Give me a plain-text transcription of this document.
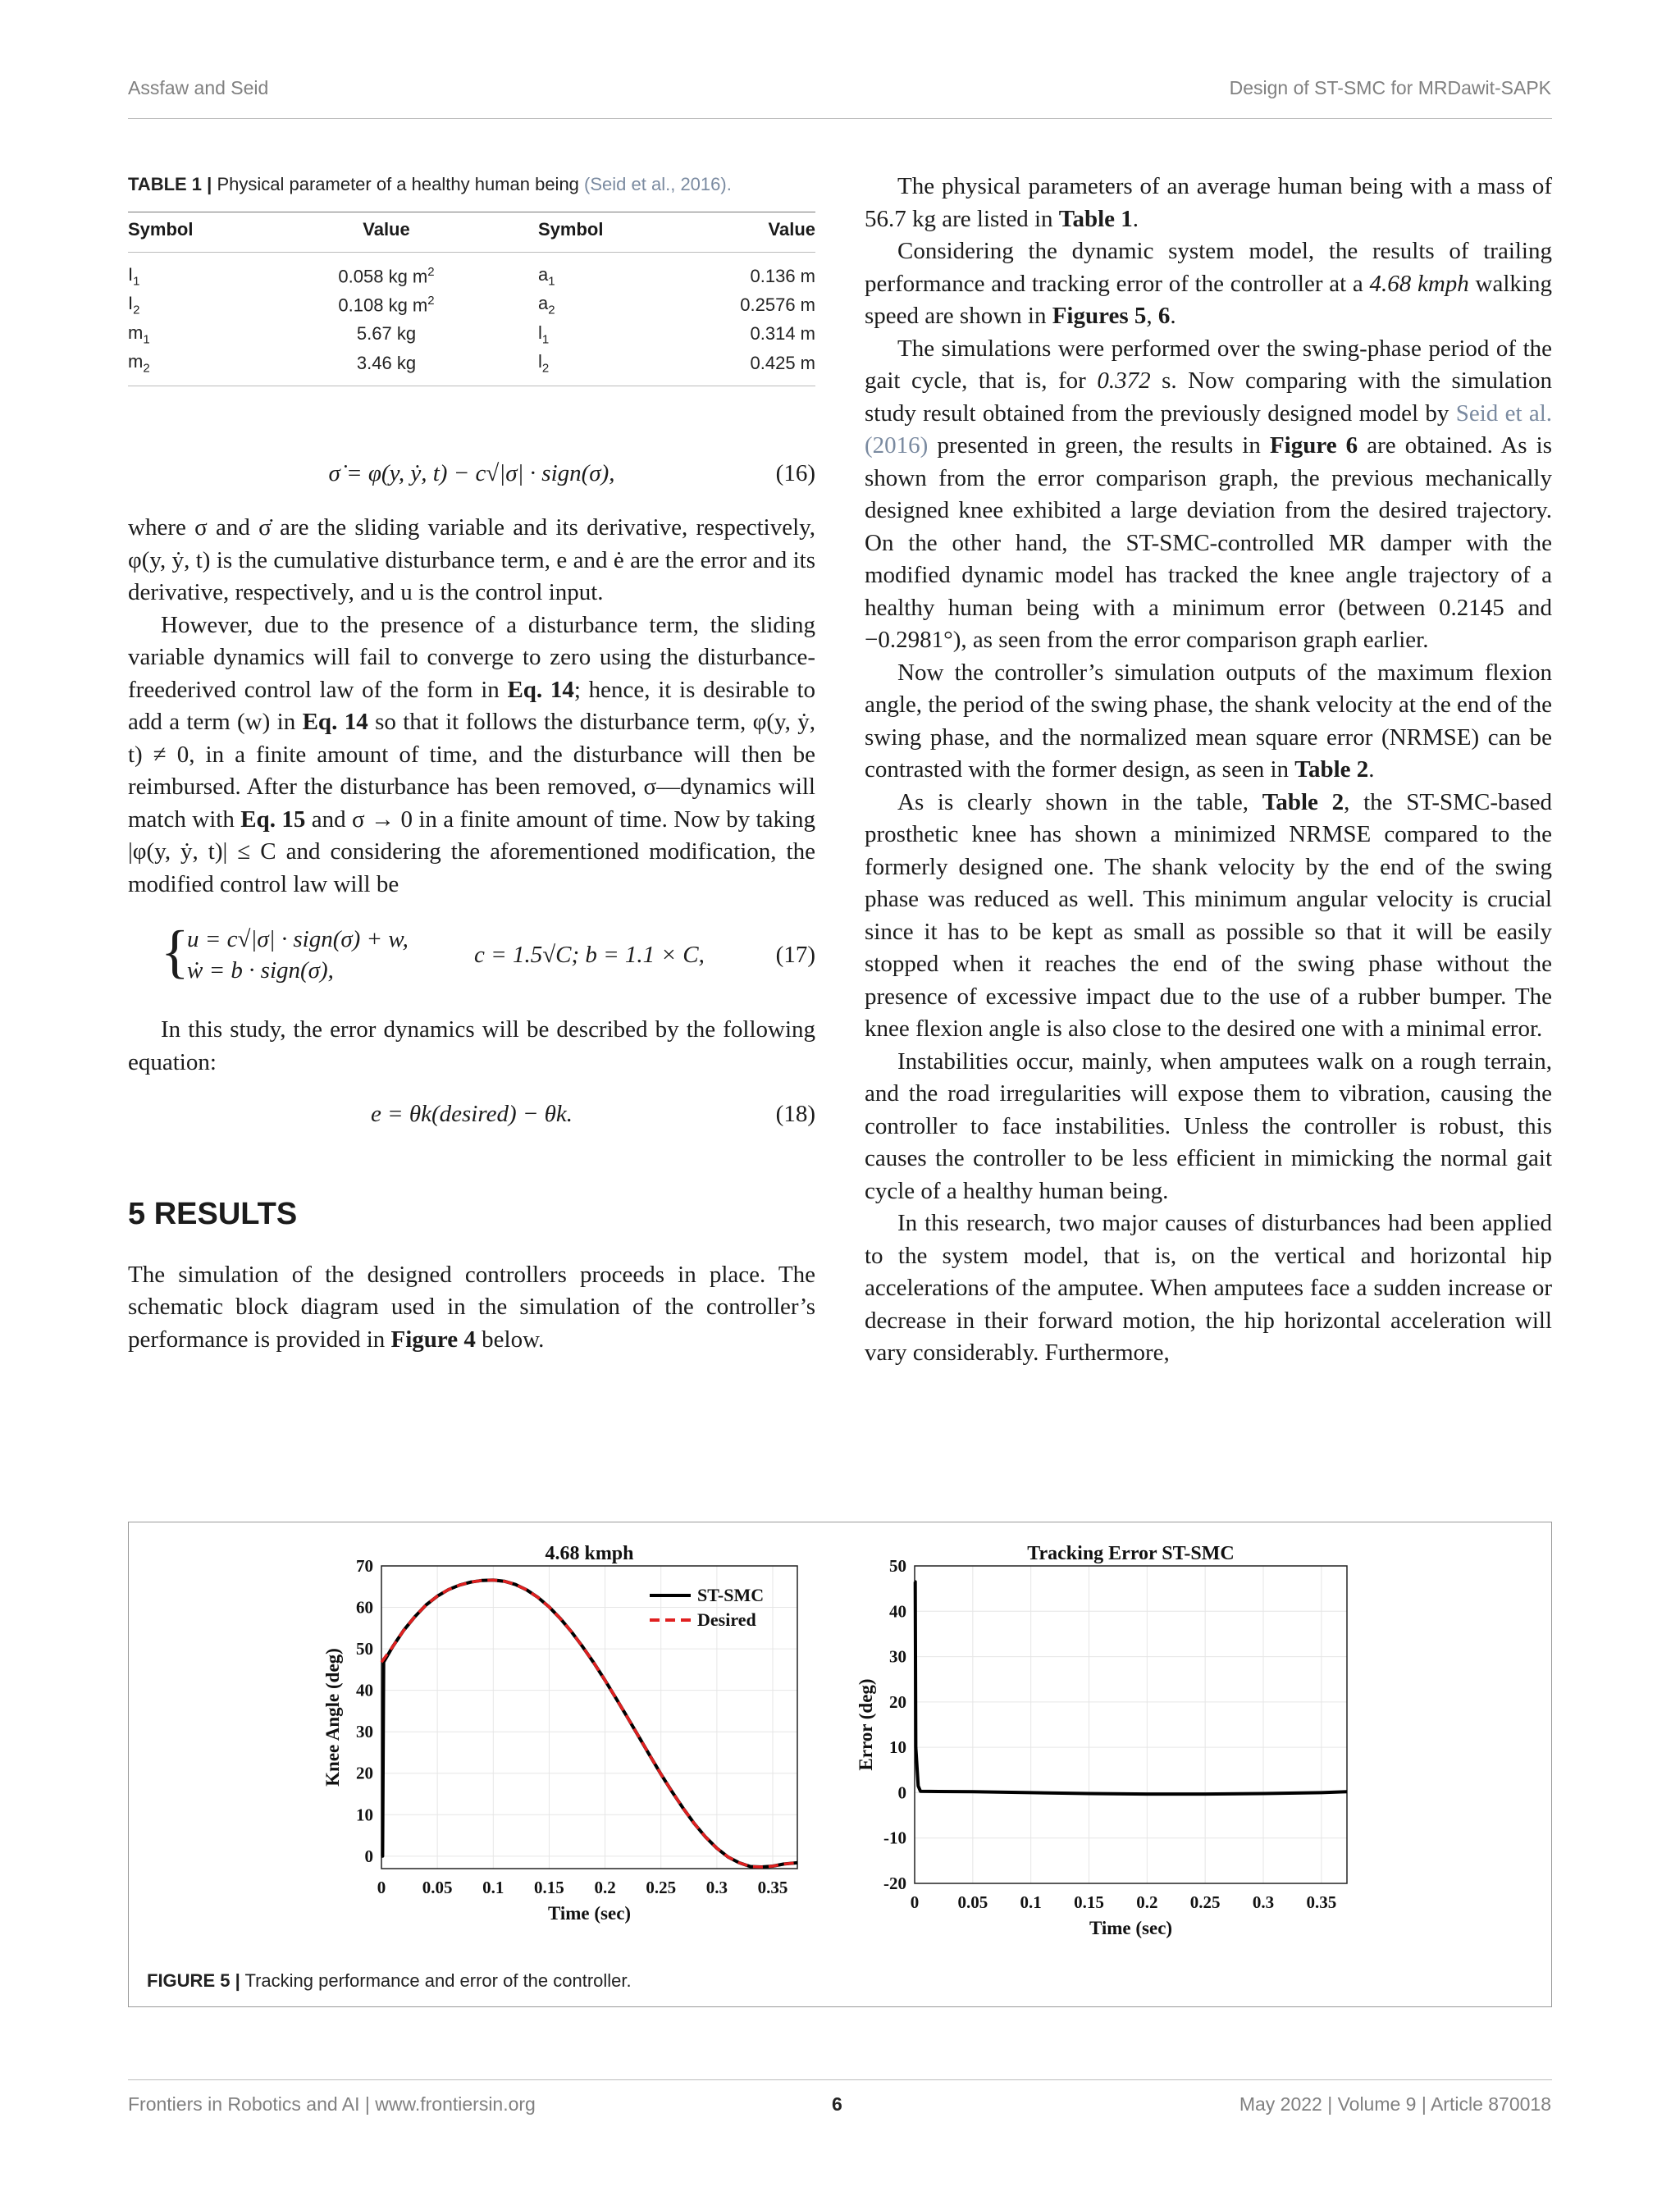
Assfaw and Seid	Design of ST-SMC for MRDawit-SAPK
TABLE 1 | Physical parameter of a healthy human being (Seid et al., 2016).
Symbol	Value	Symbol	Value
$I_1$	0.058 kg $m^2$	$a_1$	0.136 m
$I_2$	0.108 kg $m^2$	$a_2$	0.2576 m
$m_1$	5.67 kg	$l_1$	0.314 m
$m_2$	3.46 kg	$l_2$	0.425 m
σ̇ = φ(y, ẏ, t) − c√|σ| · sign(σ),	(16)

where σ and σ̇ are the sliding variable and its derivative, respectively, φ(y, ẏ, t) is the cumulative disturbance term, e and ė are the error and its derivative, respectively, and u is the control input.

However, due to the presence of a disturbance term, the sliding variable dynamics will fail to converge to zero using the disturbance-freederived control law of the form in Eq. 14; hence, it is desirable to add a term (w) in Eq. 14 so that it follows the disturbance term, φ(y, ẏ, t) ≠ 0, in a finite amount of time, and the disturbance will then be reimbursed. After the disturbance has been removed, σ—dynamics will match with Eq. 15 and σ → 0 in a finite amount of time. Now by taking |φ(y, ẏ, t)| ≤ C and considering the aforementioned modification, the modified control law will be

{
u = c√|σ| · sign(σ) + w,
ẇ = b · sign(σ),
c = 1.5√C; b = 1.1 × C,	(17)

In this study, the error dynamics will be described by the following equation:

e = θk(desired) − θk.	(18)
5 RESULTS

The simulation of the designed controllers proceeds in place. The schematic block diagram used in the simulation of the controller’s performance is provided in Figure 4 below.

The physical parameters of an average human being with a mass of 56.7 kg are listed in Table 1.

Considering the dynamic system model, the results of trailing performance and tracking error of the controller at a 4.68 kmph walking speed are shown in Figures 5, 6.

The simulations were performed over the swing-phase period of the gait cycle, that is, for 0.372 s. Now comparing with the simulation study result obtained from the previously designed model by Seid et al. (2016) presented in green, the results in Figure 6 are obtained. As is shown from the error comparison graph, the previous mechanically designed knee exhibited a large deviation from the desired trajectory. On the other hand, the ST-SMC-controlled MR damper with the modified dynamic model has tracked the knee angle trajectory of a healthy human being with a minimum error (between 0.2145 and −0.2981°), as seen from the error comparison graph earlier.

Now the controller’s simulation outputs of the maximum flexion angle, the period of the swing phase, the shank velocity at the end of the swing phase, and the normalized mean square error (NRMSE) can be contrasted with the former design, as seen in Table 2.

As is clearly shown in the table, Table 2, the ST-SMC-based prosthetic knee has shown a minimized NRMSE compared to the formerly designed one. The shank velocity by the end of the swing phase was reduced as well. This minimum angular velocity is crucial since it has to be kept as small as possible so that it will be easily stopped when it reaches the end of the swing phase without the presence of excessive impact due to the use of a rubber bumper. The knee flexion angle is also close to the desired one with a minimal error.

Instabilities occur, mainly, when amputees walk on a rough terrain, and the road irregularities will expose them to vibration, causing the controller to face instabilities. Unless the controller is robust, this causes the controller to be less efficient in mimicking the normal gait cycle of a healthy human being.

In this research, two major causes of disturbances had been applied to the system model, that is, on the vertical and horizontal hip accelerations of the amputee. When amputees face a sudden increase or decrease in their forward motion, the hip horizontal acceleration will vary considerably. Furthermore,

0 0.05 0.1 0.15 0.2 0.25 0.3 0.35
0
10
20
30
40
50
60
70
4.68 kmph
Time (sec)
Knee Angle (deg)
ST-SMC
Desired
0 0.05 0.1 0.15 0.2 0.25 0.3 0.35
-20
-10
0
10
20
30
40
50
Tracking Error ST-SMC
Time (sec)
Error (deg)
FIGURE 5 | Tracking performance and error of the controller.
Frontiers in Robotics and AI | www.frontiersin.org	6	May 2022 | Volume 9 | Article 870018
